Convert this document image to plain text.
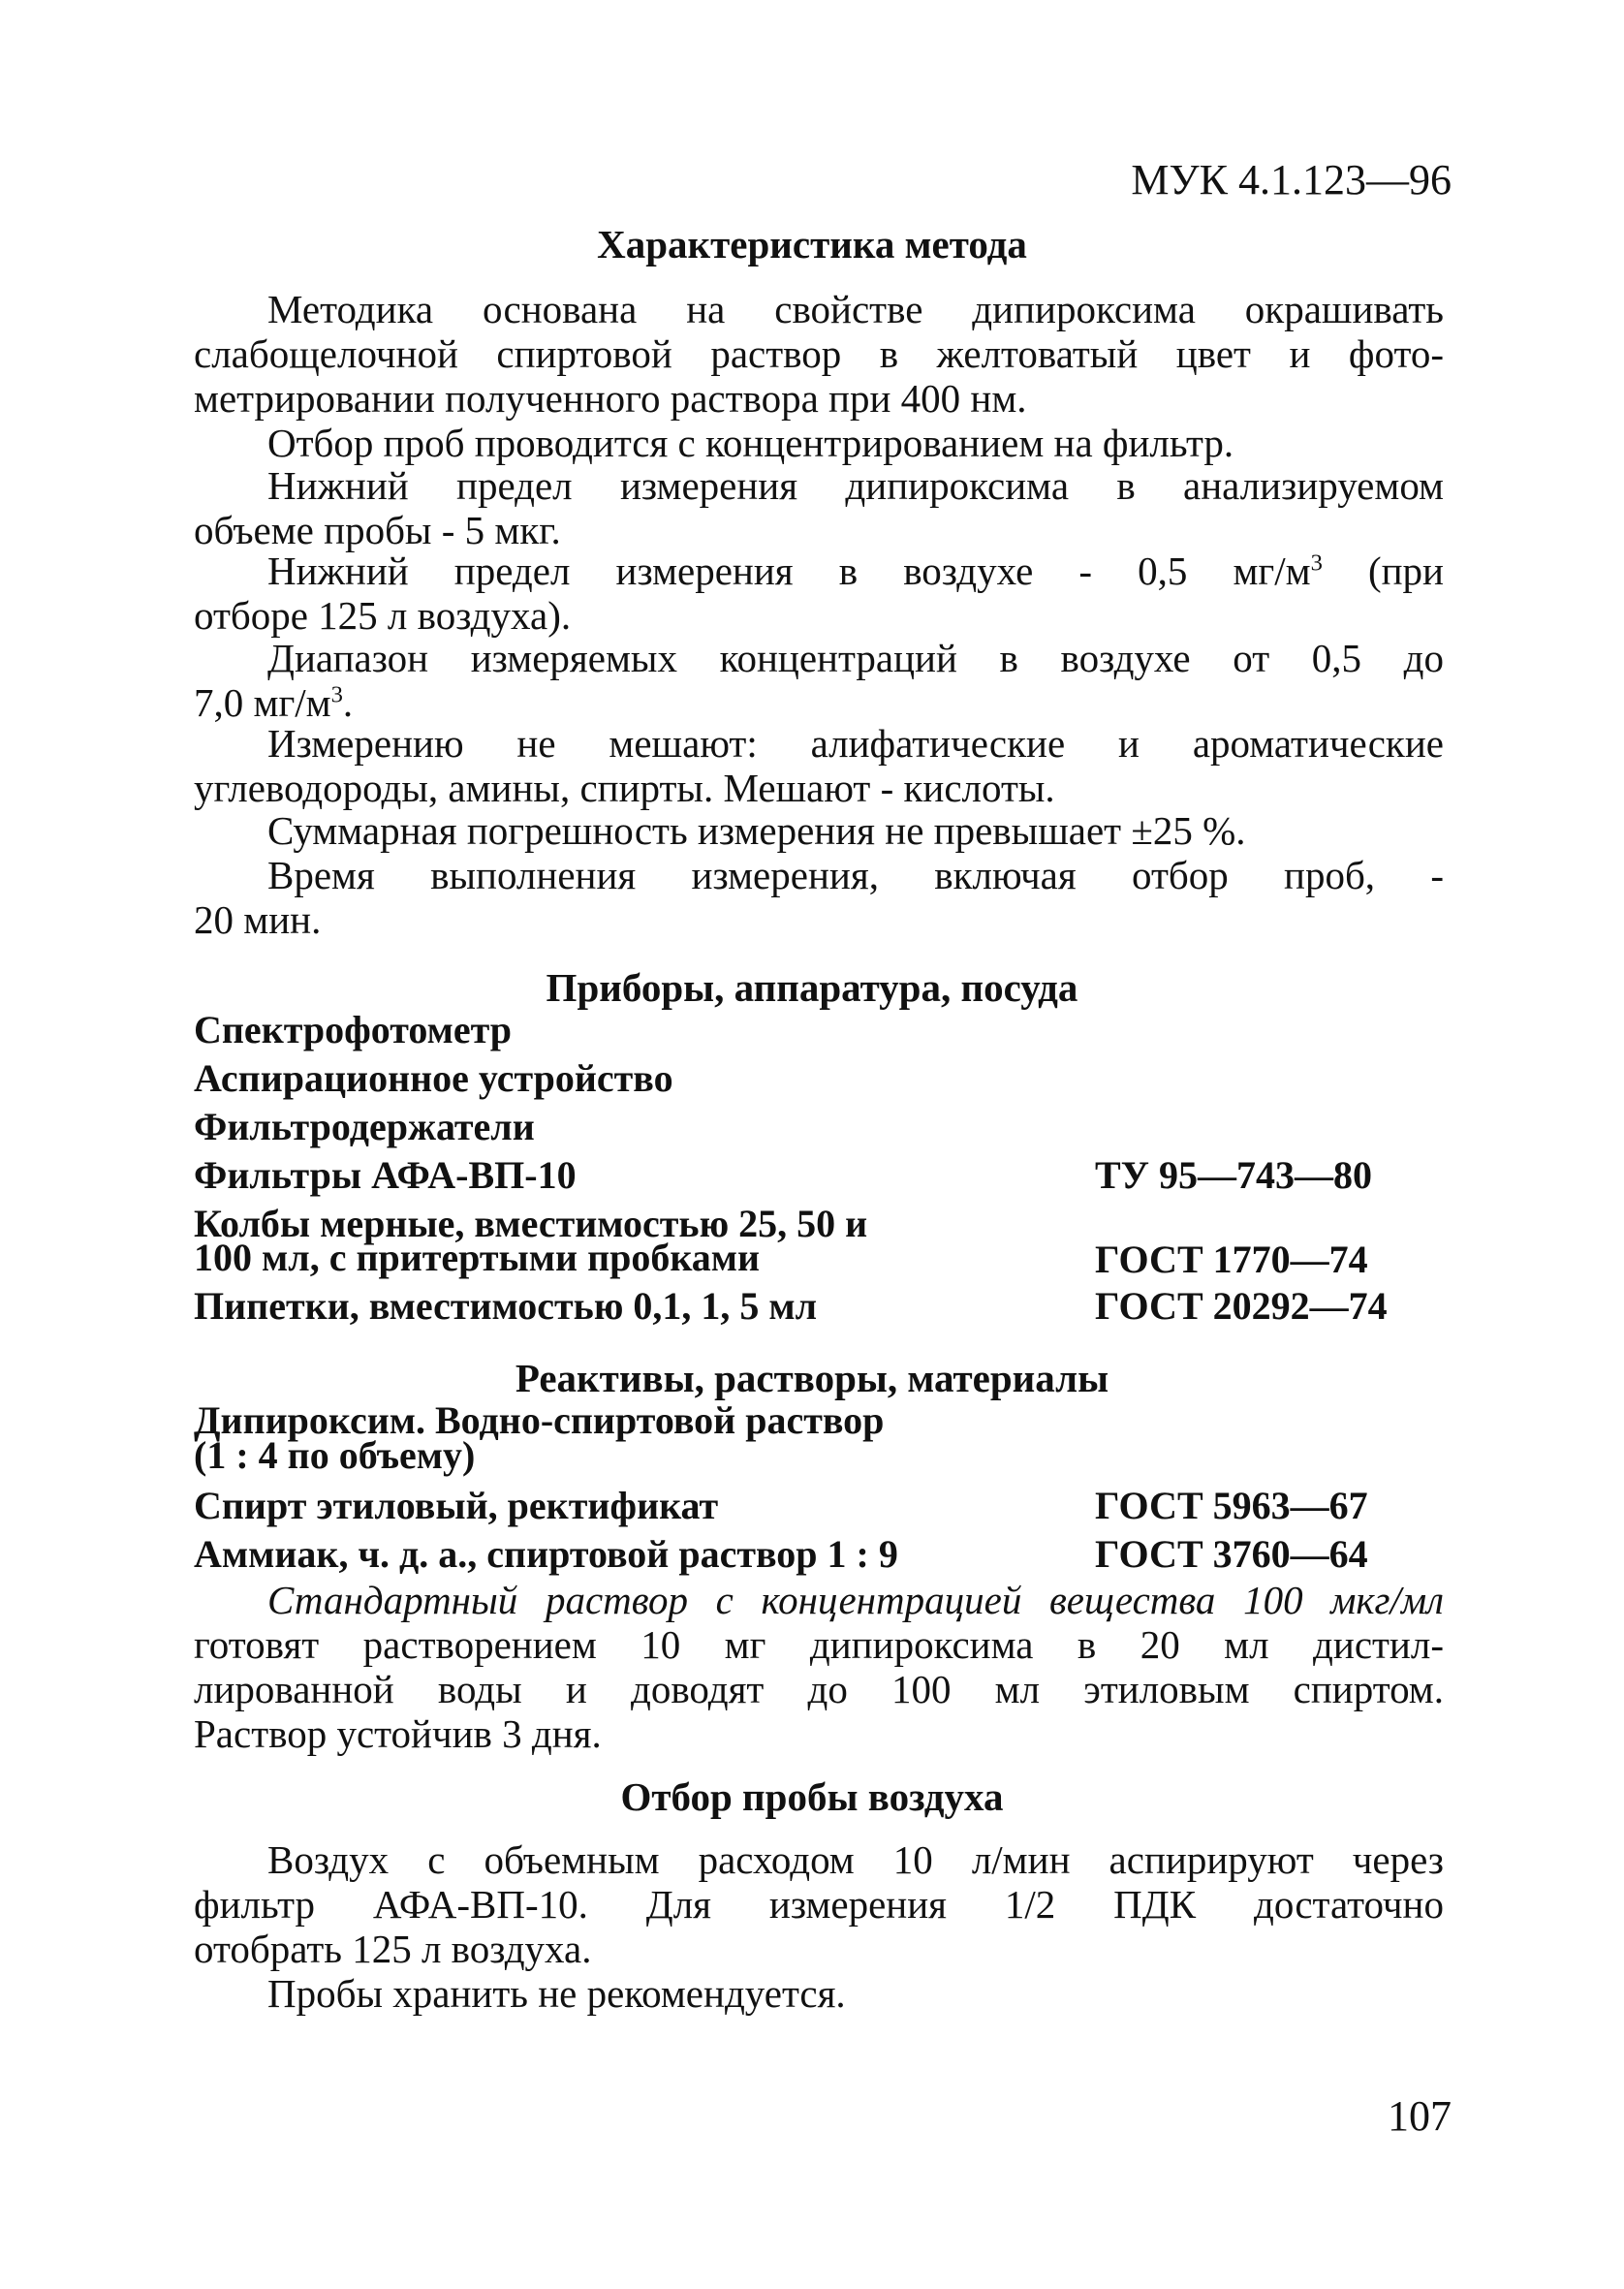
МУК 4.1.123—96
Характеристика метода
Методика основана на свойстве дипироксима окрашивать
слабощелочной спиртовой раствор в желтоватый цвет и фото-
метрировании полученного раствора при 400 нм.
Отбор проб проводится с концентрированием на фильтр.
Нижний предел измерения дипироксима в анализируемом
объеме пробы - 5 мкг.
Нижний предел измерения в воздухе - 0,5 $мг/м^3$ (при
отборе 125 л воздуха).
Диапазон измеряемых концентраций в воздухе от 0,5 до
7,0 $мг/м^3$.
Измерению не мешают: алифатические и ароматические
углеводороды, амины, спирты. Мешают - кислоты.
Суммарная погрешность измерения не превышает ±25 %.
Время выполнения измерения, включая отбор проб, -
20 мин.
Приборы, аппаратура, посуда
Спектрофотометр
Аспирационное устройство
Фильтродержатели
Фильтры АФА-ВП-10	ТУ 95—743—80
Колбы мерные, вместимостью 25, 50 и
100 мл, с притертыми пробками	ГОСТ 1770—74
Пипетки, вместимостью 0,1, 1, 5 мл	ГОСТ 20292—74
Реактивы, растворы, материалы
Дипироксим. Водно-спиртовой раствор
(1 : 4 по объему)
Спирт этиловый, ректификат	ГОСТ 5963—67
Аммиак, ч. д. а., спиртовой раствор 1 : 9	ГОСТ 3760—64
Стандартный раствор с концентрацией вещества 100 мкг/мл
готовят растворением 10 мг дипироксима в 20 мл дистил-
лированной воды и доводят до 100 мл этиловым спиртом.
Раствор устойчив 3 дня.
Отбор пробы воздуха
Воздух с объемным расходом 10 л/мин аспирируют через
фильтр АФА-ВП-10. Для измерения 1/2 ПДК достаточно
отобрать 125 л воздуха.
Пробы хранить не рекомендуется.
107
